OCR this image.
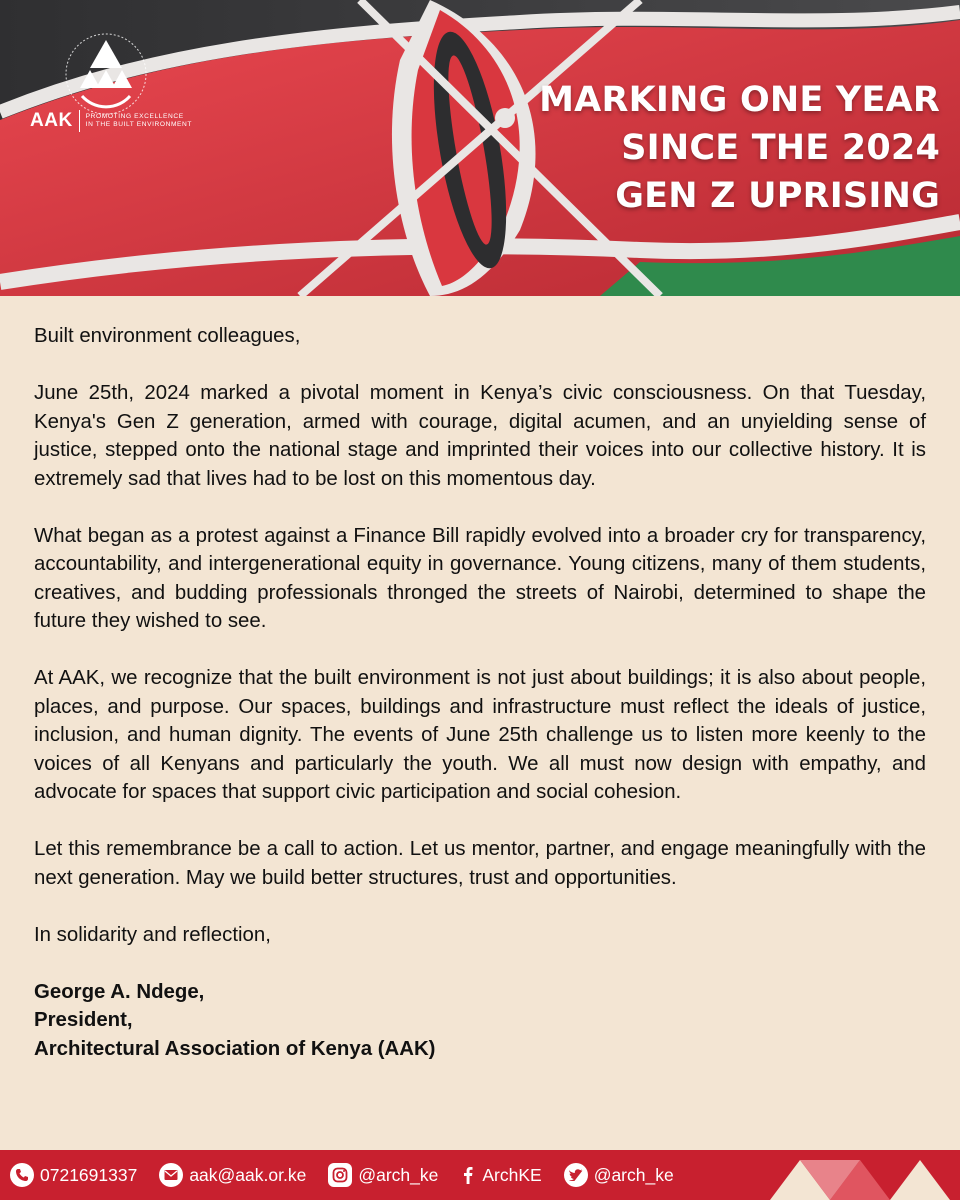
AAK PROMOTING EXCELLENCE
IN THE BUILT ENVIRONMENT
MARKING ONE YEAR
SINCE THE 2024
GEN Z UPRISING

Built environment colleagues,

June 25th, 2024 marked a pivotal moment in Kenya’s civic consciousness. On that Tuesday, Kenya's Gen Z generation, armed with courage, digital acumen, and an unyielding sense of justice, stepped onto the national stage and imprinted their voices into our collective history. It is extremely sad that lives had to be lost on this momentous day.

What began as a protest against a Finance Bill rapidly evolved into a broader cry for transparency, accountability, and intergenerational equity in governance. Young citizens, many of them students, creatives, and budding professionals thronged the streets of Nairobi, determined to shape the future they wished to see.

At AAK, we recognize that the built environment is not just about buildings; it is also about people, places, and purpose. Our spaces, buildings and infrastructure must reflect the ideals of justice, inclusion, and human dignity. The events of June 25th challenge us to listen more keenly to the voices of all Kenyans and particularly the youth. We all must now design with empathy, and advocate for spaces that support civic participation and social cohesion.

Let this remembrance be a call to action. Let us mentor, partner, and engage meaningfully with the next generation. May we build better structures, trust and opportunities.

In solidarity and reflection,

George A. Ndege,
President,
Architectural Association of Kenya (AAK)
0721691337	aak@aak.or.ke	@arch_ke	ArchKE	@arch_ke
